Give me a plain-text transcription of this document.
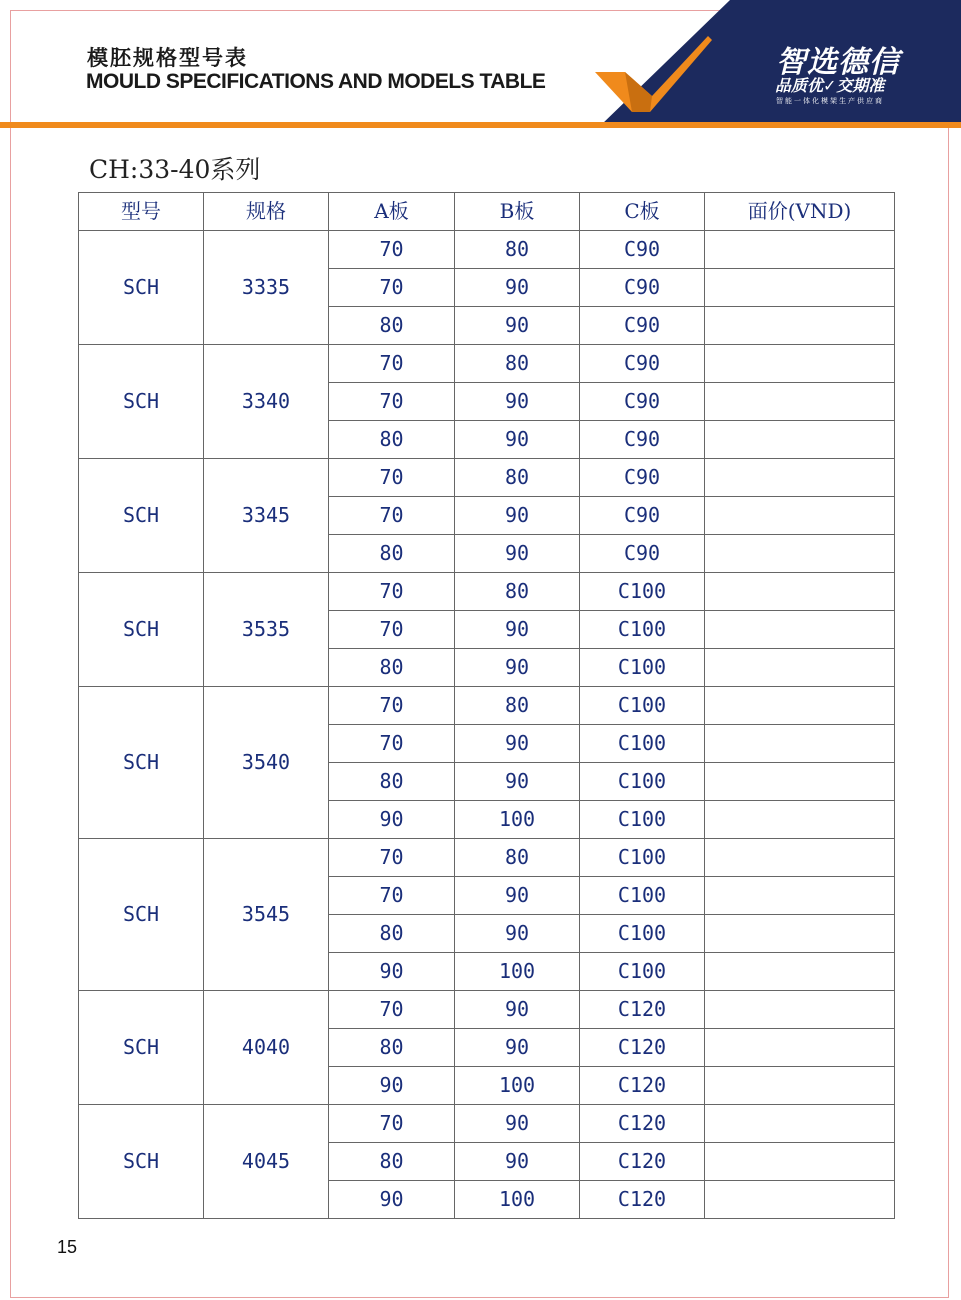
模胚规格型号表
MOULD SPECIFICATIONS AND MODELS TABLE
智选德信
品质优✓交期准
智能一体化模架生产供应商
CH:33-40系列
型号	规格	A板	B板	C板	面价(VND)
SCH	3335	70	80	C90	
		70	90	C90	
		80	90	C90	
SCH	3340	70	80	C90	
		70	90	C90	
		80	90	C90	
SCH	3345	70	80	C90	
		70	90	C90	
		80	90	C90	
SCH	3535	70	80	C100	
		70	90	C100	
		80	90	C100	
SCH	3540	70	80	C100	
		70	90	C100	
		80	90	C100	
		90	100	C100	
SCH	3545	70	80	C100	
		70	90	C100	
		80	90	C100	
		90	100	C100	
SCH	4040	70	90	C120	
		80	90	C120	
		90	100	C120	
SCH	4045	70	90	C120	
		80	90	C120	
		90	100	C120	
15
